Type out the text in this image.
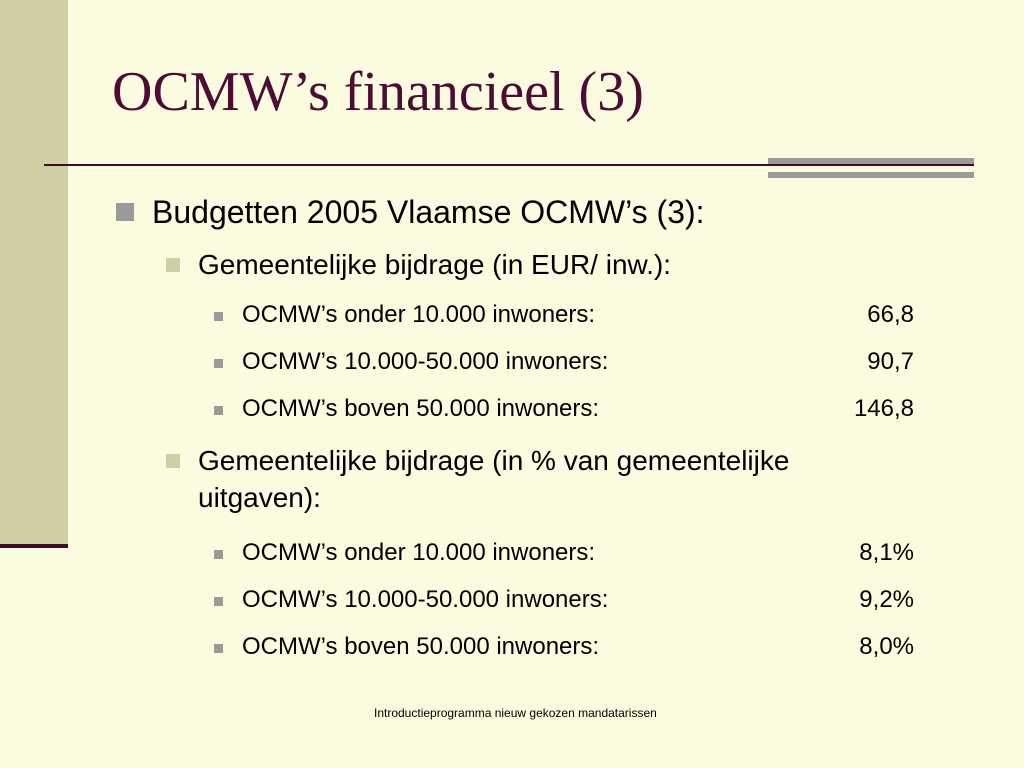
OCMW’s financieel (3)
Budgetten 2005 Vlaamse OCMW’s (3):
Gemeentelijke bijdrage (in EUR/ inw.):
OCMW’s onder 10.000 inwoners:	66,8
OCMW’s 10.000-50.000 inwoners:	90,7
OCMW’s boven 50.000 inwoners:	146,8
Gemeentelijke bijdrage (in % van gemeentelijke uitgaven):
OCMW’s onder 10.000 inwoners:	8,1%
OCMW’s 10.000-50.000 inwoners:	9,2%
OCMW’s boven 50.000 inwoners:	8,0%
Introductieprogramma nieuw gekozen mandatarissen
